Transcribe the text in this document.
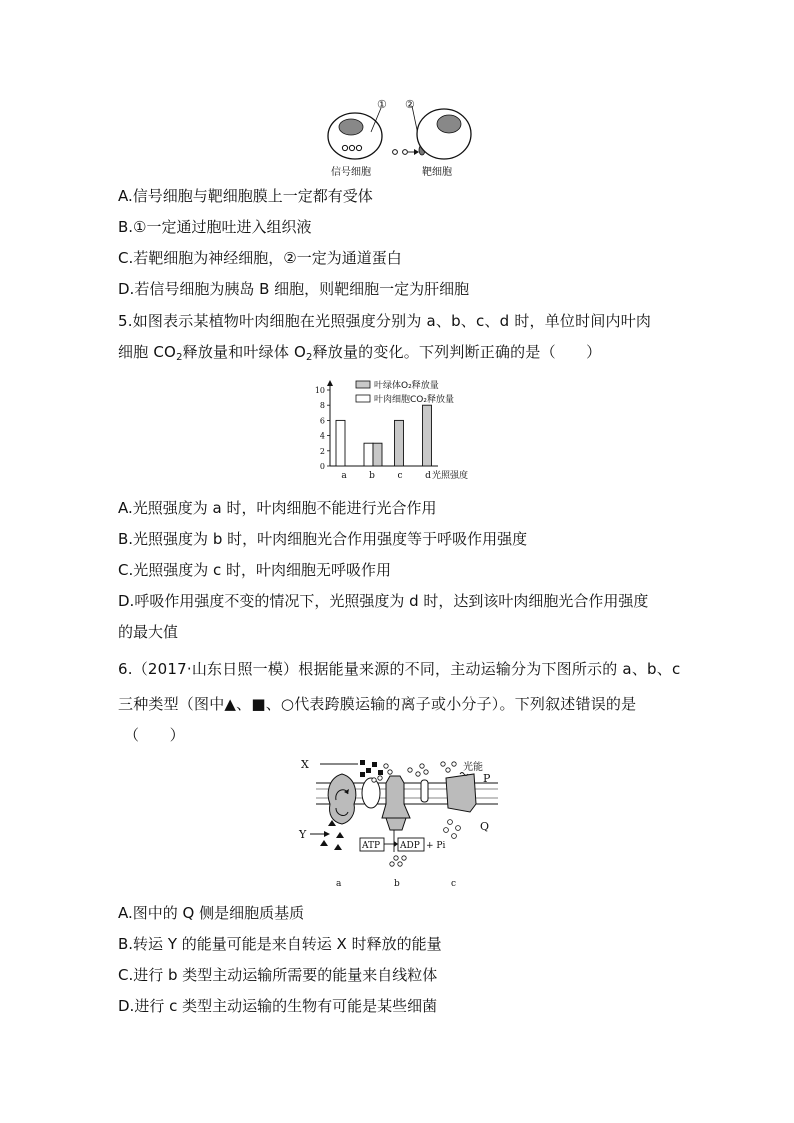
① ②
信号细胞	靶细胞
A.信号细胞与靶细胞膜上一定都有受体
B.①一定通过胞吐进入组织液
C.若靶细胞为神经细胞，②一定为通道蛋白
D.若信号细胞为胰岛 B 细胞，则靶细胞一定为肝细胞
5.如图表示某植物叶肉细胞在光照强度分别为 a、b、c、d 时，单位时间内叶肉
细胞 $CO_2$释放量和叶绿体 $O_2$释放量的变化。下列判断正确的是（　　）
0
2
4
6
8
10
a b	c	d 光照强度
叶绿体O₂释放量
叶肉细胞CO₂释放量
A.光照强度为 a 时，叶肉细胞不能进行光合作用
B.光照强度为 b 时，叶肉细胞光合作用强度等于呼吸作用强度
C.光照强度为 c 时，叶肉细胞无呼吸作用
D.呼吸作用强度不变的情况下，光照强度为 d 时，达到该叶肉细胞光合作用强度
的最大值
6.（2017·山东日照一模）根据能量来源的不同，主动运输分为下图所示的 a、b、c
三种类型（图中▲、■、○代表跨膜运输的离子或小分子）。下列叙述错误的是
（　　）
X
Y
P
Q
光能
ATP ADP + Pi
a	b	c
A.图中的 Q 侧是细胞质基质
B.转运 Y 的能量可能是来自转运 X 时释放的能量
C.进行 b 类型主动运输所需要的能量来自线粒体
D.进行 c 类型主动运输的生物有可能是某些细菌
